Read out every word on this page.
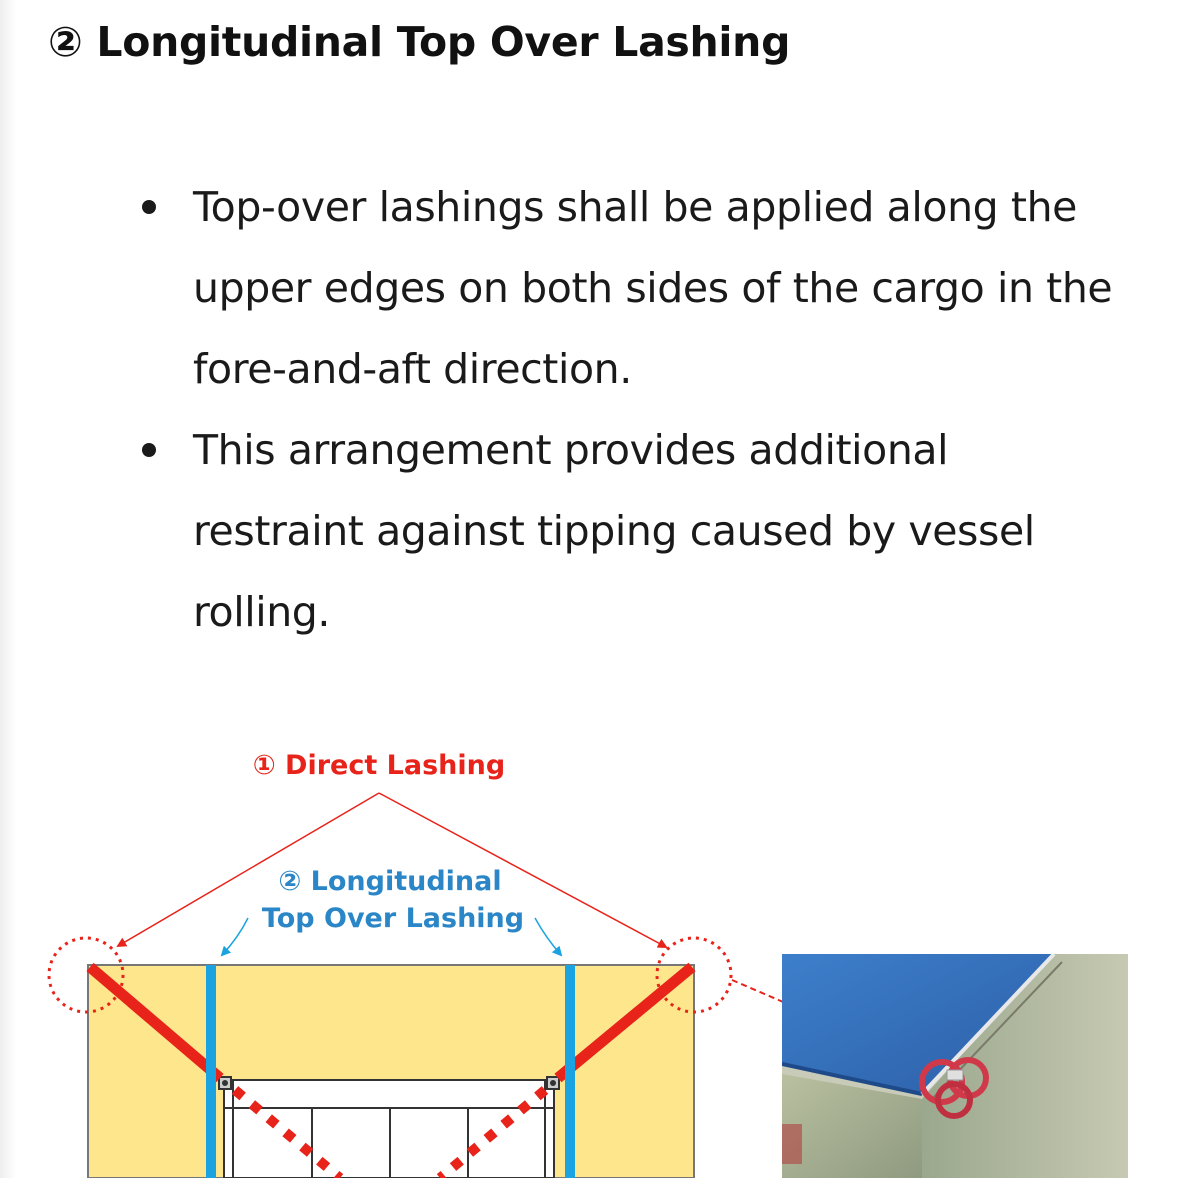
② Longitudinal Top Over Lashing
Top-over lashings shall be applied along the upper edges on both sides of the cargo in the fore-and-aft direction.
This arrangement provides additional restraint against tipping caused by vessel rolling.
① Direct Lashing
② Longitudinal
Top Over Lashing
